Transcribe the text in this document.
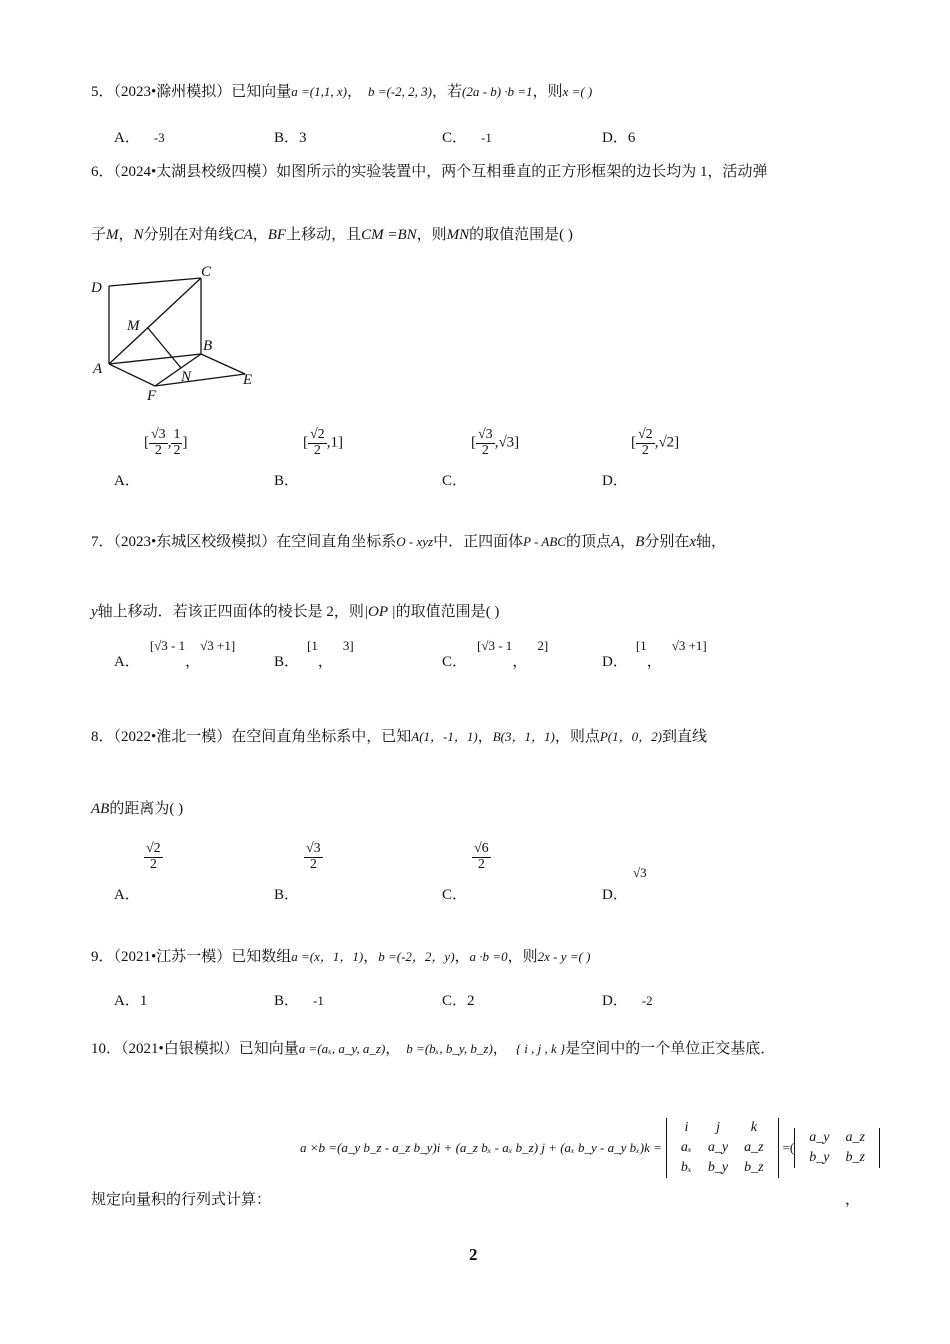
5．（2023•滁州模拟）已知向量a =(1,1, x)， b =(-2, 2, 3)，若(2a - b) ·b =1，则x =( )
A． -3	B．3	C． -1	D．6
6．（2024•太湖县校级四模）如图所示的实验装置中，两个互相垂直的正方形框架的边长均为 1，活动弹
子M，N分别在对角线CA，BF上移动，且CM =BN，则MN的取值范围是( )
D
C
M
B
A	N	E
F
[ $\frac{√3}{2}$ , $\frac{1}{2}$ ]	[ $\frac{√2}{2} ,1$]	[ $\frac{√3}{2} ,√3$]	[ $\frac{√2}{2} ,√2$]
A．	B．	C．	D．
7．（2023•东城区校级模拟）在空间直角坐标系O - xyz中．正四面体P - ABC的顶点A，B分别在x轴，
y轴上移动．若该正四面体的棱长是 2，则|OP |的取值范围是( )
A．[√3 - 1，√3 +1]
B．[1，3]
C．[√3 - 1，2]
D．[1，√3 +1]
8．（2022•淮北一模）在空间直角坐标系中，已知A(1，-1，1)，B(3，1，1)，则点P(1，0，2)到直线
AB的距离为( )
$\frac{√2}{2}$	$\frac{√3}{2}$	$\frac{√6}{2}$
√3
A．	B．	C．	D．
9．（2021•江苏一模）已知数组a =(x，1，1)，b =(-2，2，y)，a ·b =0，则2x - y =( )
A．1	B． -1	C．2	D． -2
10．（2021•白银模拟）已知向量a =(aₓ, a_y, a_z)， b =(bₓ, b_y, b_z)， { i , j , k }是空间中的一个单位正交基底．
a ×b =(a_y b_z - a_z b_y)i + (a_z bₓ - aₓ b_z) j + (aₓ b_y - a_y bₓ)k =
i	j	k
aₓ	a_y	a_z
bₓ	b_y	b_z
=(
a_y	a_z
b_y	b_z
规定向量积的行列式计算：	，
2
